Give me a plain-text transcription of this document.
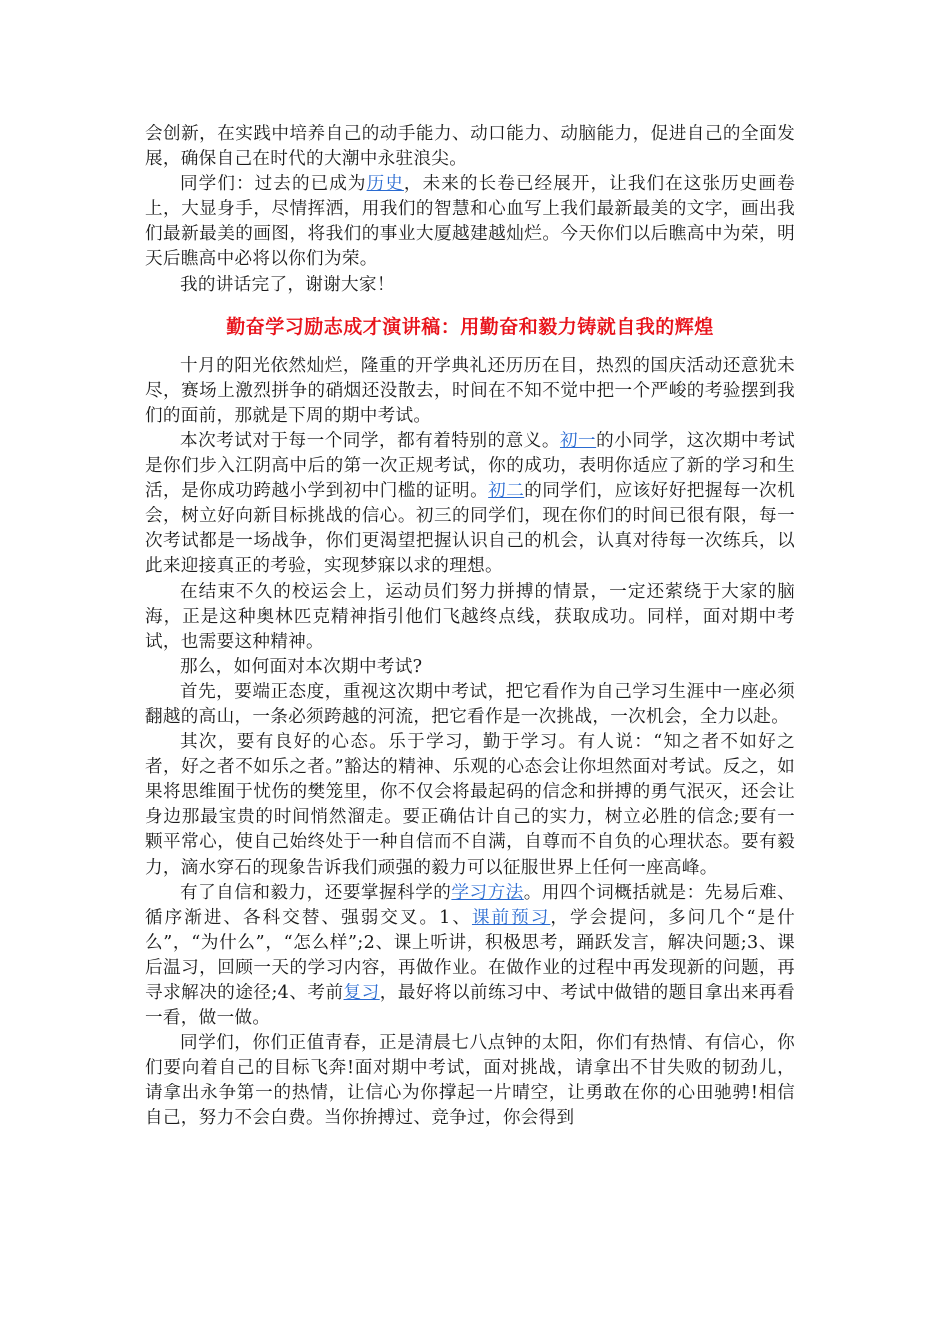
会创新，在实践中培养自己的动手能力、动口能力、动脑能力，促进自己的全面发展，确保自己在时代的大潮中永驻浪尖。

同学们：过去的已成为历史，未来的长卷已经展开，让我们在这张历史画卷上，大显身手，尽情挥洒，用我们的智慧和心血写上我们最新最美的文字，画出我们最新最美的画图，将我们的事业大厦越建越灿烂。今天你们以后瞧高中为荣，明天后瞧高中必将以你们为荣。

我的讲话完了，谢谢大家！

勤奋学习励志成才演讲稿：用勤奋和毅力铸就自我的辉煌

十月的阳光依然灿烂，隆重的开学典礼还历历在目，热烈的国庆活动还意犹未尽，赛场上激烈拼争的硝烟还没散去，时间在不知不觉中把一个严峻的考验摆到我们的面前，那就是下周的期中考试。

本次考试对于每一个同学，都有着特别的意义。初一的小同学，这次期中考试是你们步入江阴高中后的第一次正规考试，你的成功，表明你适应了新的学习和生活，是你成功跨越小学到初中门槛的证明。初二的同学们，应该好好把握每一次机会，树立好向新目标挑战的信心。初三的同学们，现在你们的时间已很有限，每一次考试都是一场战争，你们更渴望把握认识自己的机会，认真对待每一次练兵，以此来迎接真正的考验，实现梦寐以求的理想。

在结束不久的校运会上，运动员们努力拼搏的情景，一定还萦绕于大家的脑海，正是这种奥林匹克精神指引他们飞越终点线，获取成功。同样，面对期中考试，也需要这种精神。

那么，如何面对本次期中考试?

首先，要端正态度，重视这次期中考试，把它看作为自己学习生涯中一座必须翻越的高山，一条必须跨越的河流，把它看作是一次挑战，一次机会，全力以赴。

其次，要有良好的心态。乐于学习，勤于学习。有人说：“知之者不如好之者，好之者不如乐之者。”豁达的精神、乐观的心态会让你坦然面对考试。反之，如果将思维囿于忧伤的樊笼里，你不仅会将最起码的信念和拼搏的勇气泯灭，还会让身边那最宝贵的时间悄然溜走。要正确估计自己的实力，树立必胜的信念;要有一颗平常心，使自己始终处于一种自信而不自满，自尊而不自负的心理状态。要有毅力，滴水穿石的现象告诉我们顽强的毅力可以征服世界上任何一座高峰。

有了自信和毅力，还要掌握科学的学习方法。用四个词概括就是：先易后难、循序渐进、各科交替、强弱交叉。1、课前预习，学会提问，多问几个“是什么”，“为什么”，“怎么样”;2、课上听讲，积极思考，踊跃发言，解决问题;3、课后温习，回顾一天的学习内容，再做作业。在做作业的过程中再发现新的问题，再寻求解决的途径;4、考前复习，最好将以前练习中、考试中做错的题目拿出来再看一看，做一做。

同学们，你们正值青春，正是清晨七八点钟的太阳，你们有热情、有信心，你们要向着自己的目标飞奔!面对期中考试，面对挑战，请拿出不甘失败的韧劲儿，请拿出永争第一的热情，让信心为你撑起一片晴空，让勇敢在你的心田驰骋!相信自己，努力不会白费。当你拚搏过、竞争过，你会得到
